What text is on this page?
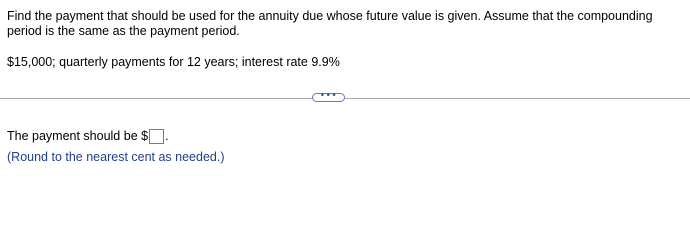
Find the payment that should be used for the annuity due whose future value is given. Assume that the compounding period is the same as the payment period.
$15,000; quarterly payments for 12 years; interest rate 9.9%
•••
The payment should be $ .
(Round to the nearest cent as needed.)
